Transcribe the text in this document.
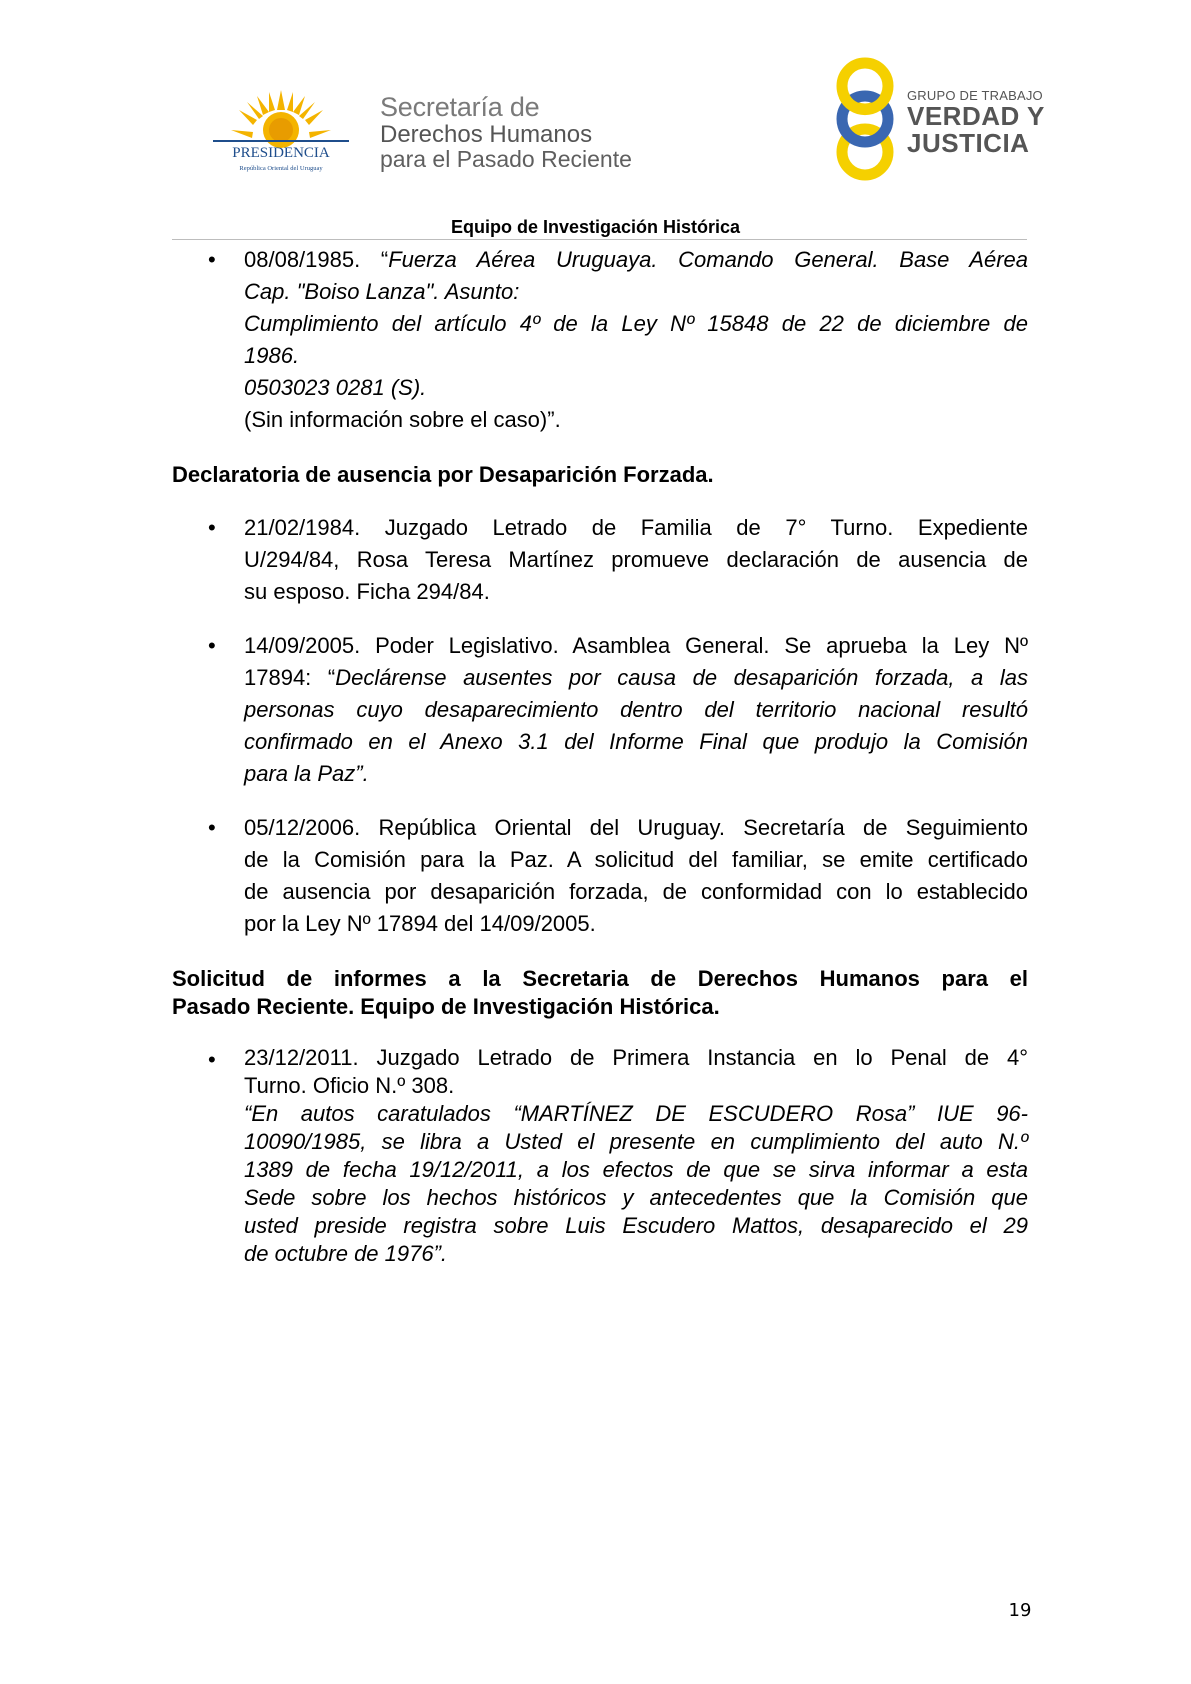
PRESIDENCIA
República Oriental del Uruguay
Secretaría de
Derechos Humanos
para el Pasado Reciente
GRUPO DE TRABAJO
VERDAD Y
JUSTICIA
Equipo de Investigación Histórica
• 08/08/1985. “Fuerza Aérea Uruguaya. Comando General. Base Aérea
Cap. "Boiso Lanza". Asunto:
Cumplimiento del artículo 4º de la Ley Nº 15848 de 22 de diciembre de
1986.
0503023 0281 (S).
(Sin información sobre el caso)”.
Declaratoria de ausencia por Desaparición Forzada.
• 21/02/1984. Juzgado Letrado de Familia de 7° Turno. Expediente
U/294/84, Rosa Teresa Martínez promueve declaración de ausencia de
su esposo. Ficha 294/84.
• 14/09/2005. Poder Legislativo. Asamblea General. Se aprueba la Ley Nº
17894: “Declárense ausentes por causa de desaparición forzada, a las
personas cuyo desaparecimiento dentro del territorio nacional resultó
confirmado en el Anexo 3.1 del Informe Final que produjo la Comisión
para la Paz”.
• 05/12/2006. República Oriental del Uruguay. Secretaría de Seguimiento
de la Comisión para la Paz. A solicitud del familiar, se emite certificado
de ausencia por desaparición forzada, de conformidad con lo establecido
por la Ley Nº 17894 del 14/09/2005.
Solicitud de informes a la Secretaria de Derechos Humanos para el
Pasado Reciente. Equipo de Investigación Histórica.
• 23/12/2011. Juzgado Letrado de Primera Instancia en lo Penal de 4°
Turno. Oficio N.º 308.
“En autos caratulados “MARTÍNEZ DE ESCUDERO Rosa” IUE 96-
10090/1985, se libra a Usted el presente en cumplimiento del auto N.º
1389 de fecha 19/12/2011, a los efectos de que se sirva informar a esta
Sede sobre los hechos históricos y antecedentes que la Comisión que
usted preside registra sobre Luis Escudero Mattos, desaparecido el 29
de octubre de 1976”.
19
